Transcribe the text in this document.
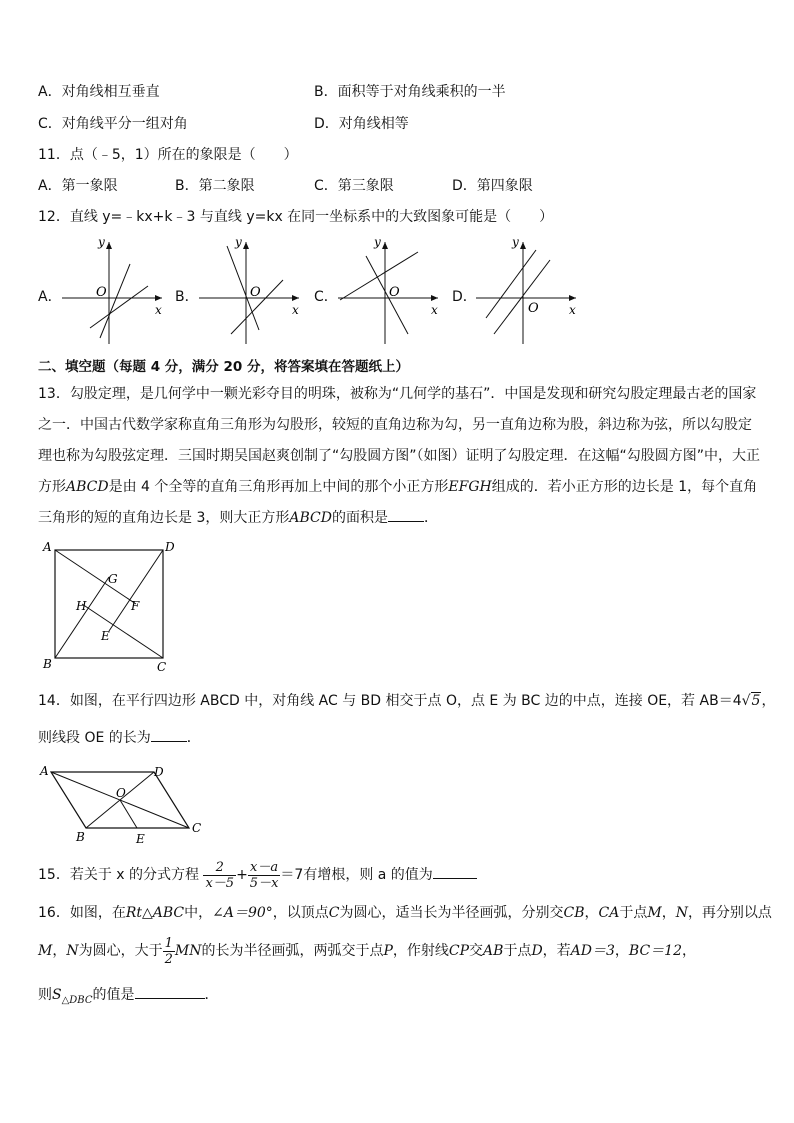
A．对角线相互垂直	B．面积等于对角线乘积的一半
C．对角线平分一组对角	D．对角线相等
11．点（﹣5，1）所在的象限是（　　）
A．第一象限	B．第二象限	C．第三象限	D．第四象限
12．直线 y=﹣kx+k﹣3 与直线 y=kx 在同一坐标系中的大致图象可能是（　　）
A．
y
x
O	B．
y
x
O	C．
y
x
O	D．
y
x
O
二、填空题（每题 4 分，满分 20 分，将答案填在答题纸上）
13．勾股定理，是几何学中一颗光彩夺目的明珠，被称为“几何学的基石”．中国是发现和研究勾股定理最古老的国家之一．中国古代数学家称直角三角形为勾股形，较短的直角边称为勾，另一直角边称为股，斜边称为弦，所以勾股定理也称为勾股弦定理．三国时期吴国赵爽创制了“勾股圆方图”（如图）证明了勾股定理．在这幅“勾股圆方图”中，大正方形ABCD是由 4 个全等的直角三角形再加上中间的那个小正方形EFGH组成的．若小正方形的边长是 1，每个直角三角形的短的直角边长是 3，则大正方形ABCD的面积是	．
A	D
B	C
G
H	F
E
14．如图，在平行四边形 ABCD 中，对角线 AC 与 BD 相交于点 O，点 E 为 BC 边的中点，连接 OE，若 AB＝4√5，
则线段 OE 的长为	．
A	D
O
B	E
C
15．若关于 x 的分式方程 $\frac{2}{x-5} + \frac{x-a}{5-x} =7$有增根，则 a 的值为
16．如图，在Rt△ABC中，∠A＝90°，以顶点C为圆心，适当长为半径画弧，分别交CB，CA于点M，N，再分别以点
M，N为圆心，大于 $\frac{1}{2}$ MN的长为半径画弧，两弧交于点P，作射线CP交AB于点D，若AD＝3，BC＝12，
则$S_{\triangle DBC}$的值是	．
